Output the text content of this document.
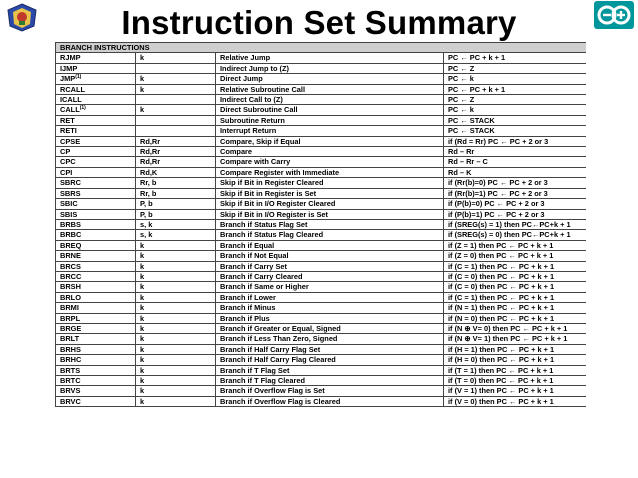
Instruction Set Summary
BRANCH INSTRUCTIONS			
RJMP	k	Relative Jump	PC ← PC + k + 1
IJMP		Indirect Jump to (Z)	PC ← Z
JMP$^{(1)}$	k	Direct Jump	PC ← k
RCALL	k	Relative Subroutine Call	PC ← PC + k + 1
ICALL		Indirect Call to (Z)	PC ← Z
CALL$^{(1)}$	k	Direct Subroutine Call	PC ← k
RET		Subroutine Return	PC ← STACK
RETI		Interrupt Return	PC ← STACK
CPSE	Rd,Rr	Compare, Skip if Equal	if (Rd = Rr) PC ← PC + 2 or 3
CP	Rd,Rr	Compare	Rd – Rr
CPC	Rd,Rr	Compare with Carry	Rd – Rr – C
CPI	Rd,K	Compare Register with Immediate	Rd – K
SBRC	Rr, b	Skip if Bit in Register Cleared	if (Rr(b)=0) PC ← PC + 2 or 3
SBRS	Rr, b	Skip if Bit in Register is Set	if (Rr(b)=1) PC ← PC + 2 or 3
SBIC	P, b	Skip if Bit in I/O Register Cleared	if (P(b)=0) PC ← PC + 2 or 3
SBIS	P, b	Skip if Bit in I/O Register is Set	if (P(b)=1) PC ← PC + 2 or 3
BRBS	s, k	Branch if Status Flag Set	if (SREG(s) = 1) then PC←PC+k + 1
BRBC	s, k	Branch if Status Flag Cleared	if (SREG(s) = 0) then PC←PC+k + 1
BREQ	k	Branch if Equal	if (Z = 1) then PC ← PC + k + 1
BRNE	k	Branch if Not Equal	if (Z = 0) then PC ← PC + k + 1
BRCS	k	Branch if Carry Set	if (C = 1) then PC ← PC + k + 1
BRCC	k	Branch if Carry Cleared	if (C = 0) then PC ← PC + k + 1
BRSH	k	Branch if Same or Higher	if (C = 0) then PC ← PC + k + 1
BRLO	k	Branch if Lower	if (C = 1) then PC ← PC + k + 1
BRMI	k	Branch if Minus	if (N = 1) then PC ← PC + k + 1
BRPL	k	Branch if Plus	if (N = 0) then PC ← PC + k + 1
BRGE	k	Branch if Greater or Equal, Signed	if (N ⊕ V= 0) then PC ← PC + k + 1
BRLT	k	Branch if Less Than Zero, Signed	if (N ⊕ V= 1) then PC ← PC + k + 1
BRHS	k	Branch if Half Carry Flag Set	if (H = 1) then PC ← PC + k + 1
BRHC	k	Branch if Half Carry Flag Cleared	if (H = 0) then PC ← PC + k + 1
BRTS	k	Branch if T Flag Set	if (T = 1) then PC ← PC + k + 1
BRTC	k	Branch if T Flag Cleared	if (T = 0) then PC ← PC + k + 1
BRVS	k	Branch if Overflow Flag is Set	if (V = 1) then PC ← PC + k + 1
BRVC	k	Branch if Overflow Flag is Cleared	if (V = 0) then PC ← PC + k + 1
